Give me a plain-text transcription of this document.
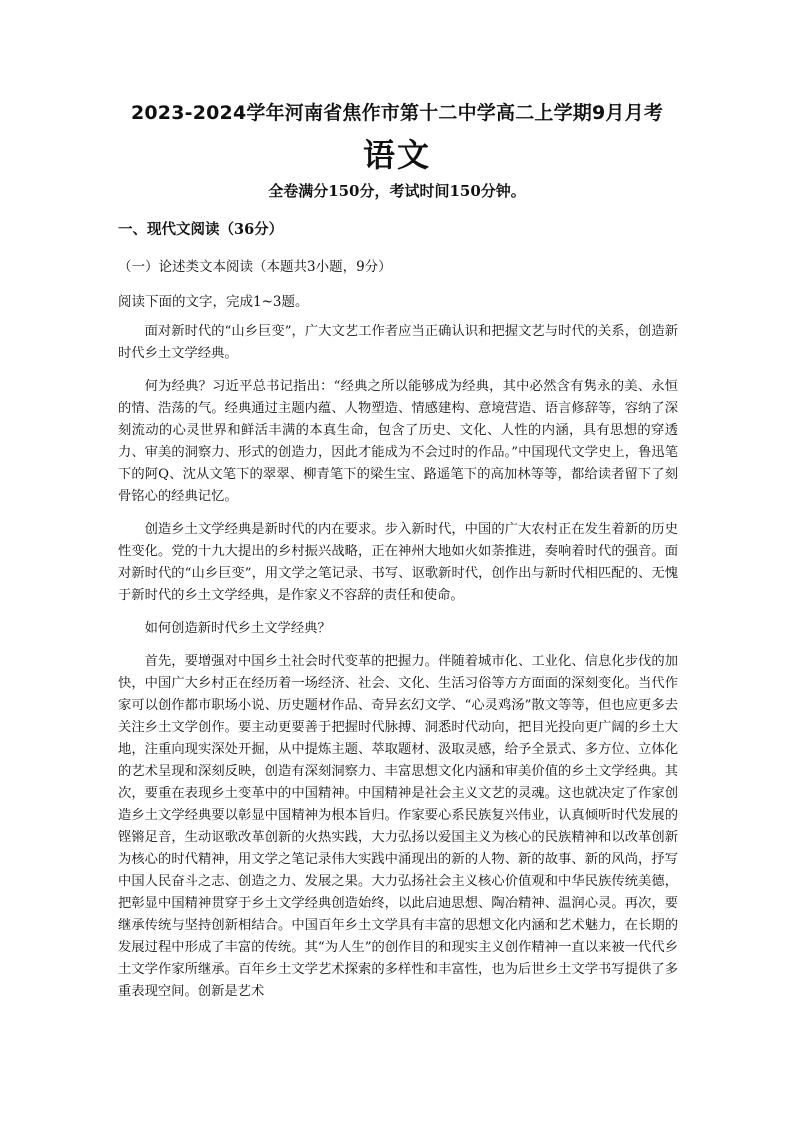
2023-2024学年河南省焦作市第十二中学高二上学期9月月考
语文
全卷满分150分，考试时间150分钟。
一、现代文阅读（36分）
（一）论述类文本阅读（本题共3小题，9分）
阅读下面的文字，完成1~3题。

面对新时代的“山乡巨变”，广大文艺工作者应当正确认识和把握文艺与时代的关系，创造新时代乡土文学经典。

何为经典？习近平总书记指出：“经典之所以能够成为经典，其中必然含有隽永的美、永恒的情、浩荡的气。经典通过主题内蕴、人物塑造、情感建构、意境营造、语言修辞等，容纳了深刻流动的心灵世界和鲜活丰满的本真生命，包含了历史、文化、人性的内涵，具有思想的穿透力、审美的洞察力、形式的创造力，因此才能成为不会过时的作品。”中国现代文学史上，鲁迅笔下的阿Q、沈从文笔下的翠翠、柳青笔下的梁生宝、路遥笔下的高加林等等，都给读者留下了刻骨铭心的经典记忆。

创造乡土文学经典是新时代的内在要求。步入新时代，中国的广大农村正在发生着新的历史性变化。党的十九大提出的乡村振兴战略，正在神州大地如火如荼推进，奏响着时代的强音。面对新时代的“山乡巨变”，用文学之笔记录、书写、讴歌新时代，创作出与新时代相匹配的、无愧于新时代的乡土文学经典，是作家义不容辞的责任和使命。

如何创造新时代乡土文学经典？

首先，要增强对中国乡土社会时代变革的把握力。伴随着城市化、工业化、信息化步伐的加快，中国广大乡村正在经历着一场经济、社会、文化、生活习俗等方方面面的深刻变化。当代作家可以创作都市职场小说、历史题材作品、奇异玄幻文学、“心灵鸡汤”散文等等，但也应更多去关注乡土文学创作。要主动更要善于把握时代脉搏、洞悉时代动向，把目光投向更广阔的乡土大地，注重向现实深处开掘，从中提炼主题、萃取题材、汲取灵感，给予全景式、多方位、立体化的艺术呈现和深刻反映，创造有深刻洞察力、丰富思想文化内涵和审美价值的乡土文学经典。其次，要重在表现乡土变革中的中国精神。中国精神是社会主义文艺的灵魂。这也就决定了作家创造乡土文学经典要以彰显中国精神为根本旨归。作家要心系民族复兴伟业，认真倾听时代发展的铿锵足音，生动讴歌改革创新的火热实践，大力弘扬以爱国主义为核心的民族精神和以改革创新为核心的时代精神，用文学之笔记录伟大实践中涌现出的新的人物、新的故事、新的风尚，抒写中国人民奋斗之志、创造之力、发展之果。大力弘扬社会主义核心价值观和中华民族传统美德，把彰显中国精神贯穿于乡土文学经典创造始终，以此启迪思想、陶冶精神、温润心灵。再次，要继承传统与坚持创新相结合。中国百年乡土文学具有丰富的思想文化内涵和艺术魅力，在长期的发展过程中形成了丰富的传统。其“为人生”的创作目的和现实主义创作精神一直以来被一代代乡土文学作家所继承。百年乡土文学艺术探索的多样性和丰富性，也为后世乡土文学书写提供了多重表现空间。创新是艺术
